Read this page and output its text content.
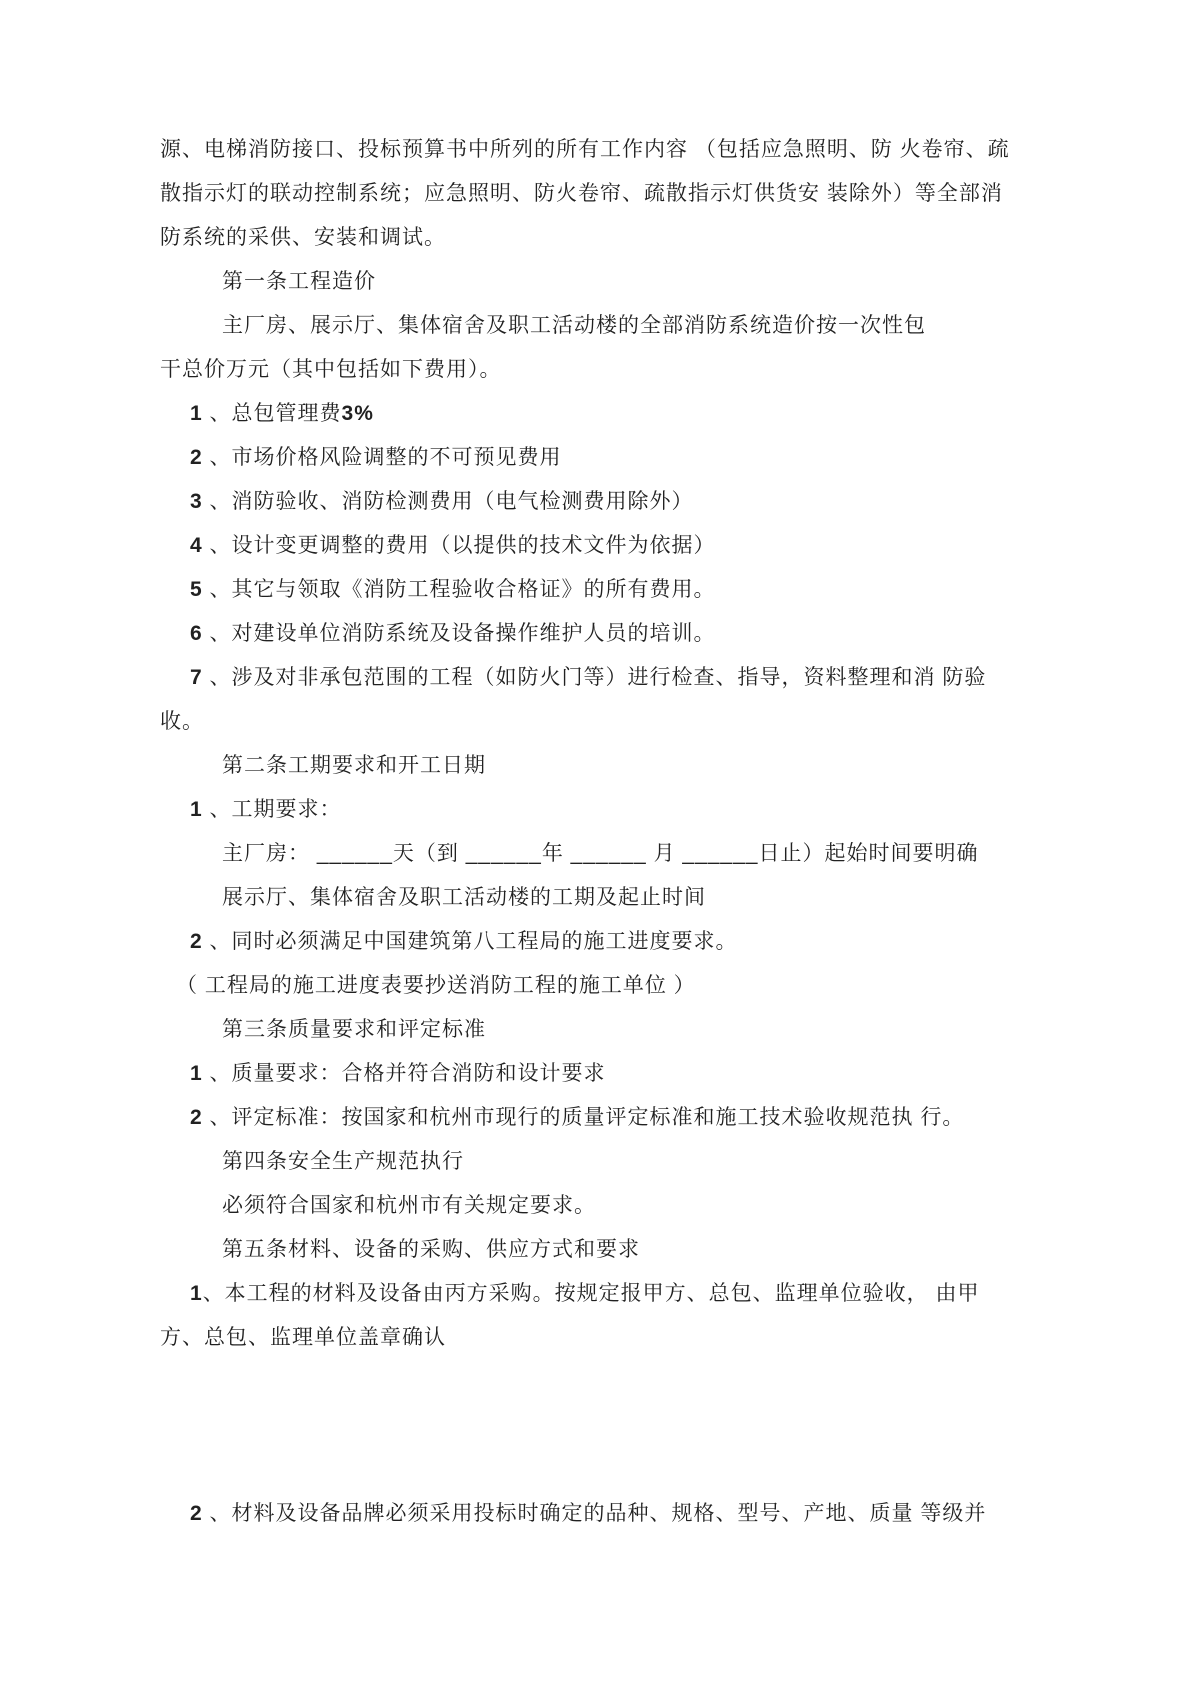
源、电梯消防接口、投标预算书中所列的所有工作内容 （包括应急照明、防 火卷帘、疏
散指示灯的联动控制系统；应急照明、防火卷帘、疏散指示灯供货安 装除外）等全部消
防系统的采供、安装和调试。
第一条工程造价
主厂房、展示厅、集体宿舍及职工活动楼的全部消防系统造价按一次性包
干总价万元（其中包括如下费用）。
1 、总包管理费3%
2 、市场价格风险调整的不可预见费用
3 、消防验收、消防检测费用（电气检测费用除外）
4 、设计变更调整的费用（以提供的技术文件为依据）
5 、其它与领取《消防工程验收合格证》的所有费用。
6 、对建设单位消防系统及设备操作维护人员的培训。
7 、涉及对非承包范围的工程（如防火门等）进行检查、指导，资料整理和消 防验
收。
第二条工期要求和开工日期
1 、工期要求：
主厂房： ______天（到 ______年 ______ 月 ______日止）起始时间要明确
展示厅、集体宿舍及职工活动楼的工期及起止时间
2 、同时必须满足中国建筑第八工程局的施工进度要求。
（ 工程局的施工进度表要抄送消防工程的施工单位 ）
第三条质量要求和评定标准
1 、质量要求：合格并符合消防和设计要求
2 、评定标准：按国家和杭州市现行的质量评定标准和施工技术验收规范执 行。
第四条安全生产规范执行
必须符合国家和杭州市有关规定要求。
第五条材料、设备的采购、供应方式和要求
1、本工程的材料及设备由丙方采购。按规定报甲方、总包、监理单位验收， 由甲
方、总包、监理单位盖章确认
2 、材料及设备品牌必须采用投标时确定的品种、规格、型号、产地、质量 等级并
